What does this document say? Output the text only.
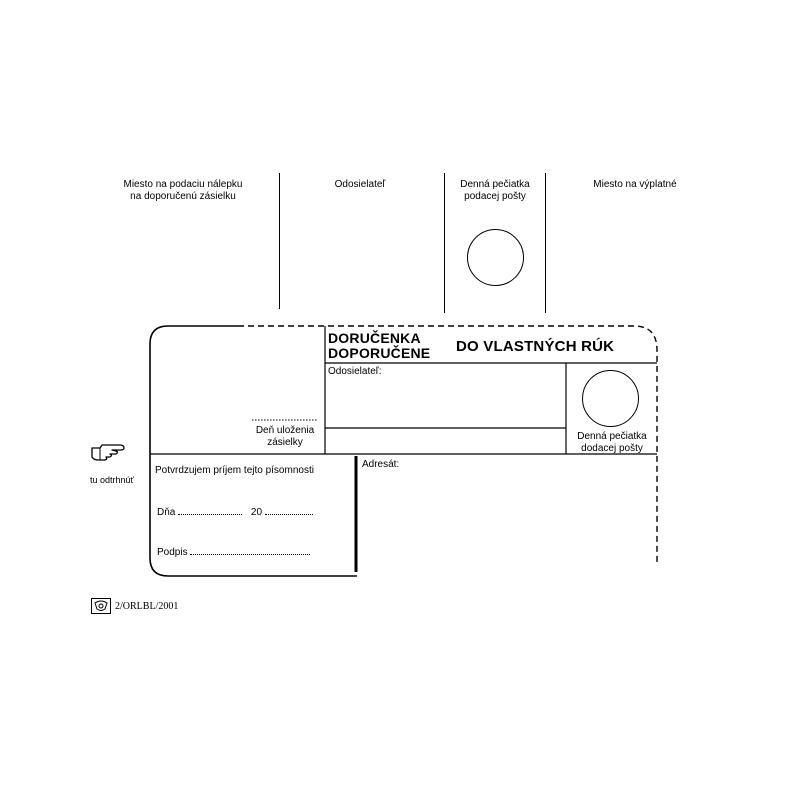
Miesto na podaciu nálepku
na doporučenú zásielku
Odosielateľ	Denná pečiatka
podacej pošty
Miesto na výplatné
DORUČENKA
DOPORUČENE DO VLASTNÝCH RÚK
Odosielateľ:
Deň uloženia
zásielky
Denná pečiatka
dodacej pošty
Potvrdzujem príjem tejto písomnosti
Dňa	20
Podpis
Adresát:
tu odtrhnúť
2/ORLBL/2001
